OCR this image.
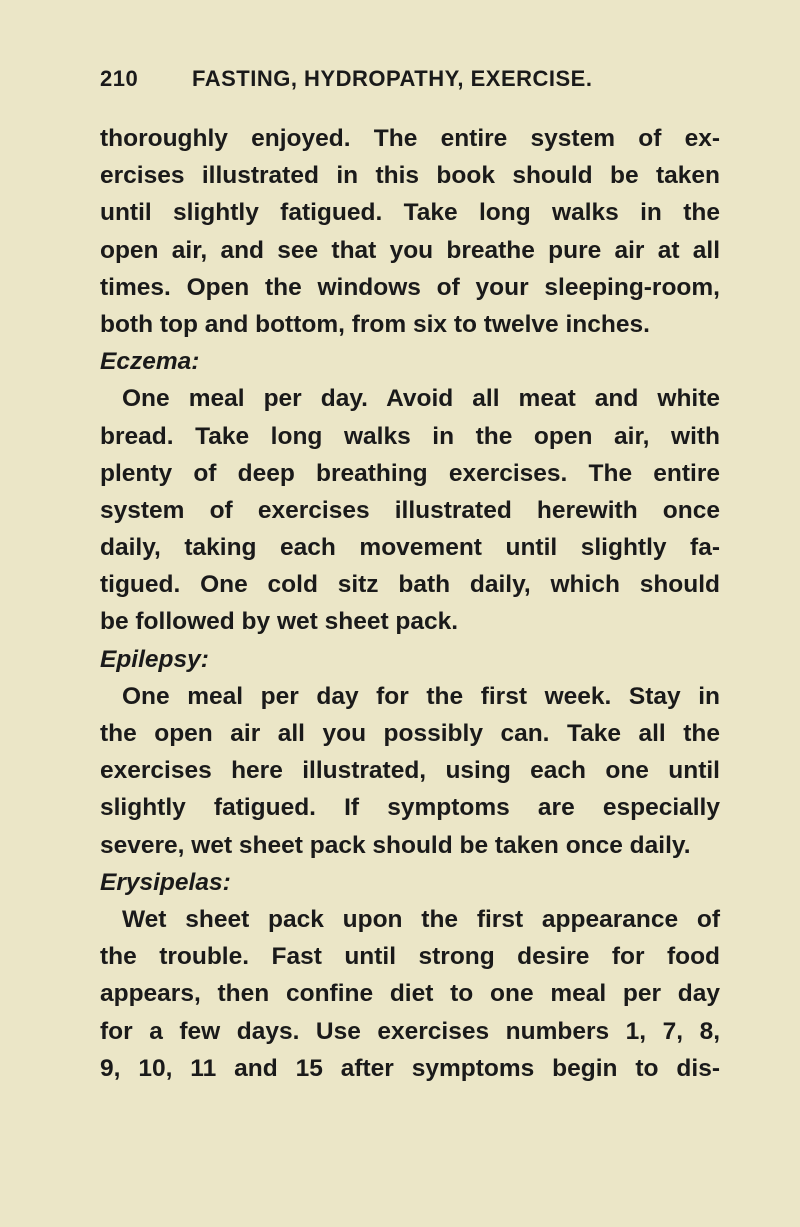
210 FASTING, HYDROPATHY, EXERCISE.
thoroughly enjoyed. The entire system of ex-
ercises illustrated in this book should be taken
until slightly fatigued. Take long walks in the
open air, and see that you breathe pure air at all
times. Open the windows of your sleeping-room,
both top and bottom, from six to twelve inches.
Eczema:
One meal per day. Avoid all meat and white
bread. Take long walks in the open air, with
plenty of deep breathing exercises. The entire
system of exercises illustrated herewith once
daily, taking each movement until slightly fa-
tigued. One cold sitz bath daily, which should
be followed by wet sheet pack.
Epilepsy:
One meal per day for the first week. Stay in
the open air all you possibly can. Take all the
exercises here illustrated, using each one until
slightly fatigued. If symptoms are especially
severe, wet sheet pack should be taken once daily.
Erysipelas:
Wet sheet pack upon the first appearance of
the trouble. Fast until strong desire for food
appears, then confine diet to one meal per day
for a few days. Use exercises numbers 1, 7, 8,
9, 10, 11 and 15 after symptoms begin to dis-
